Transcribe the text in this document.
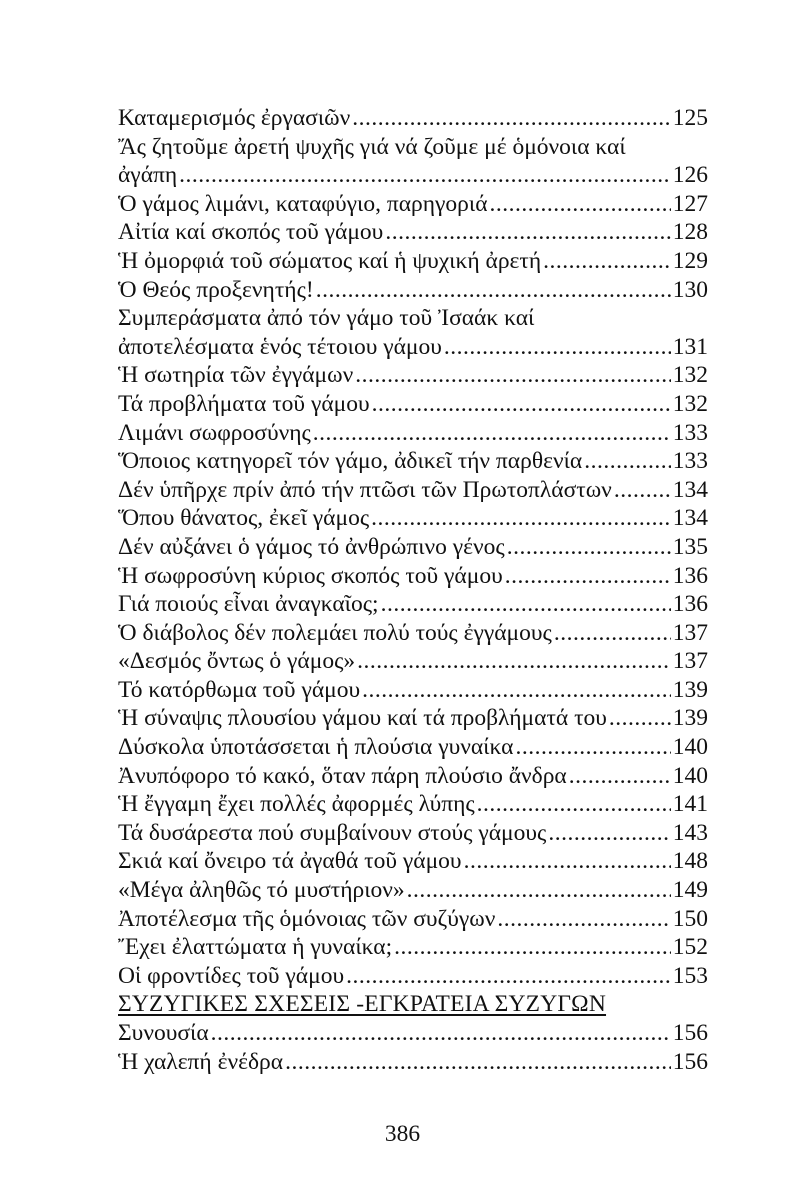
Καταμερισμός ἐργασιῶν .....	125
Ἄς ζητοῦμε ἀρετή ψυχῆς γιά νά ζοῦμε μέ ὁμόνοια καί
ἀγάπη .....	126
Ὁ γάμος λιμάνι, καταφύγιο, παρηγοριά .....	127
Αἰτία καί σκοπός τοῦ γάμου .....	128
Ἡ ὀμορφιά τοῦ σώματος καί ἡ ψυχική ἀρετή .....	129
Ὁ Θεός προξενητής! .....	130
Συμπεράσματα ἀπό τόν γάμο τοῦ Ἰσαάκ καί
ἀποτελέσματα ἑνός τέτοιου γάμου .....	131
Ἡ σωτηρία τῶν ἐγγάμων .....	132
Τά προβλήματα τοῦ γάμου .....	132
Λιμάνι σωφροσύνης .....	133
Ὅποιος κατηγορεῖ τόν γάμο, ἀδικεῖ τήν παρθενία .....	133
Δέν ὑπῆρχε πρίν ἀπό τήν πτῶσι τῶν Πρωτοπλάστων .....	134
Ὅπου θάνατος, ἐκεῖ γάμος .....	134
Δέν αὐξάνει ὁ γάμος τό ἀνθρώπινο γένος .....	135
Ἡ σωφροσύνη κύριος σκοπός τοῦ γάμου .....	136
Γιά ποιούς εἶναι ἀναγκαῖος; .....	136
Ὁ διάβολος δέν πολεμάει πολύ τούς ἐγγάμους .....	137
«Δεσμός ὄντως ὁ γάμος» .....	137
Τό κατόρθωμα τοῦ γάμου .....	139
Ἡ σύναψις πλουσίου γάμου καί τά προβλήματά του .....	139
Δύσκολα ὑποτάσσεται ἡ πλούσια γυναίκα .....	140
Ἀνυπόφορο τό κακό, ὅταν πάρη πλούσιο ἄνδρα .....	140
Ἡ ἔγγαμη ἔχει πολλές ἀφορμές λύπης .....	141
Τά δυσάρεστα πού συμβαίνουν στούς γάμους .....	143
Σκιά καί ὄνειρο τά ἀγαθά τοῦ γάμου .....	148
«Μέγα ἀληθῶς τό μυστήριον» .....	149
Ἀποτέλεσμα τῆς ὁμόνοιας τῶν συζύγων .....	150
Ἔχει ἐλαττώματα ἡ γυναίκα; .....	152
Οἱ φροντίδες τοῦ γάμου .....	153
ΣΥΖΥΓΙΚΕΣ ΣΧΕΣΕΙΣ -ΕΓΚΡΑΤΕΙΑ ΣΥΖΥΓΩΝ
Συνουσία .....	156
Ἡ χαλεπή ἐνέδρα .....	156
386
